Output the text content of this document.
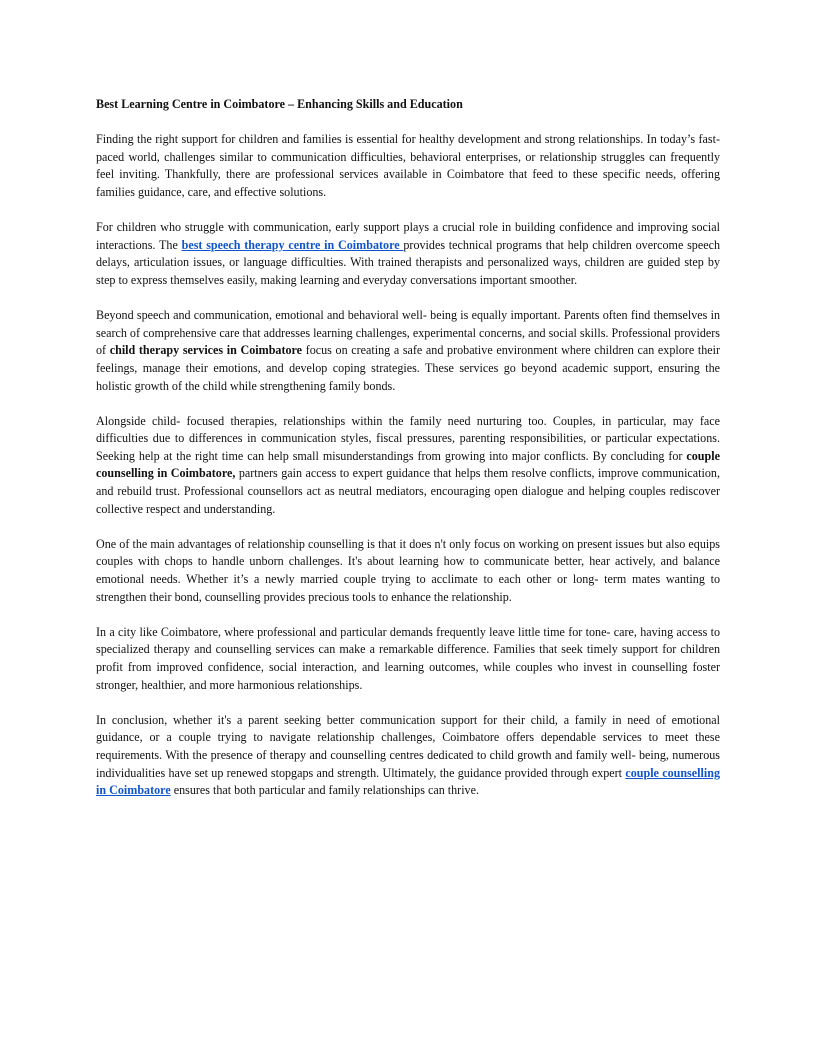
Best Learning Centre in Coimbatore – Enhancing Skills and Education

Finding the right support for children and families is essential for healthy development and strong relationships. In today’s fast- paced world, challenges similar to communication difficulties, behavioral enterprises, or relationship struggles can frequently feel inviting. Thankfully, there are professional services available in Coimbatore that feed to these specific needs, offering families guidance, care, and effective solutions.

For children who struggle with communication, early support plays a crucial role in building confidence and improving social interactions. The best speech therapy centre in Coimbatore provides technical programs that help children overcome speech delays, articulation issues, or language difficulties. With trained therapists and personalized ways, children are guided step by step to express themselves easily, making learning and everyday conversations important smoother.

Beyond speech and communication, emotional and behavioral well- being is equally important. Parents often find themselves in search of comprehensive care that addresses learning challenges, experimental concerns, and social skills. Professional providers of child therapy services in Coimbatore focus on creating a safe and probative environment where children can explore their feelings, manage their emotions, and develop coping strategies. These services go beyond academic support, ensuring the holistic growth of the child while strengthening family bonds.

Alongside child- focused therapies, relationships within the family need nurturing too. Couples, in particular, may face difficulties due to differences in communication styles, fiscal pressures, parenting responsibilities, or particular expectations. Seeking help at the right time can help small misunderstandings from growing into major conflicts. By concluding for couple counselling in Coimbatore, partners gain access to expert guidance that helps them resolve conflicts, improve communication, and rebuild trust. Professional counsellors act as neutral mediators, encouraging open dialogue and helping couples rediscover collective respect and understanding.

One of the main advantages of relationship counselling is that it does n't only focus on working on present issues but also equips couples with chops to handle unborn challenges. It's about learning how to communicate better, hear actively, and balance emotional needs. Whether it’s a newly married couple trying to acclimate to each other or long- term mates wanting to strengthen their bond, counselling provides precious tools to enhance the relationship.

In a city like Coimbatore, where professional and particular demands frequently leave little time for tone- care, having access to specialized therapy and counselling services can make a remarkable difference. Families that seek timely support for children profit from improved confidence, social interaction, and learning outcomes, while couples who invest in counselling foster stronger, healthier, and more harmonious relationships.

In conclusion, whether it's a parent seeking better communication support for their child, a family in need of emotional guidance, or a couple trying to navigate relationship challenges, Coimbatore offers dependable services to meet these requirements. With the presence of therapy and counselling centres dedicated to child growth and family well- being, numerous individualities have set up renewed stopgaps and strength. Ultimately, the guidance provided through expert couple counselling in Coimbatore ensures that both particular and family relationships can thrive.
